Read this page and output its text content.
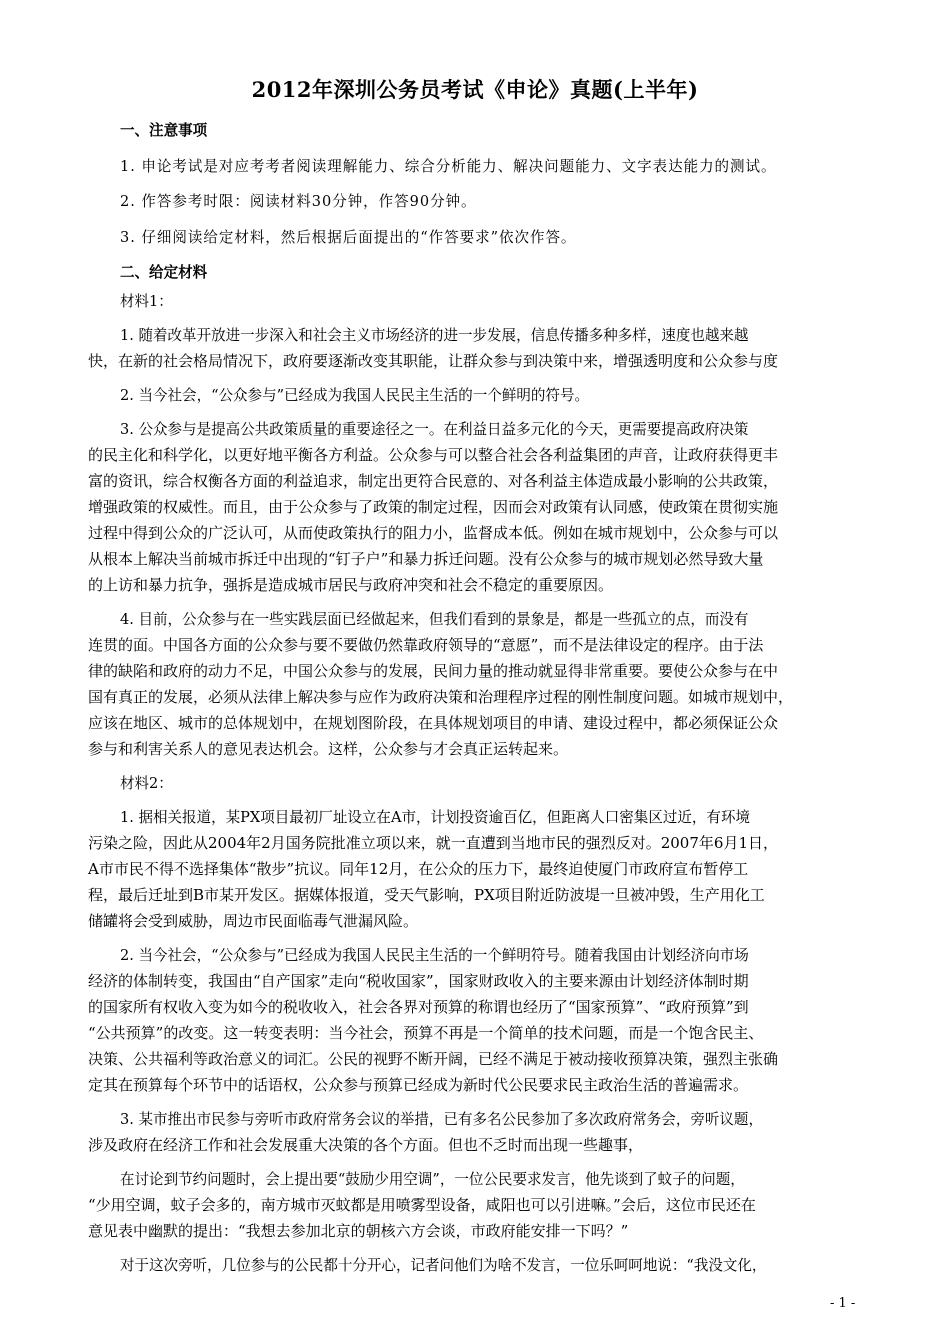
2012年深圳公务员考试《申论》真题(上半年)
一、注意事项
1. 申论考试是对应考考者阅读理解能力、综合分析能力、解决问题能力、文字表达能力的测试。
2. 作答参考时限：阅读材料30分钟，作答90分钟。
3. 仔细阅读给定材料，然后根据后面提出的“作答要求”依次作答。
二、给定材料
材料1：
1. 随着改革开放进一步深入和社会主义市场经济的进一步发展，信息传播多种多样，速度也越来越
快，在新的社会格局情况下，政府要逐渐改变其职能，让群众参与到决策中来，增强透明度和公众参与度
2. 当今社会，“公众参与”已经成为我国人民民主生活的一个鲜明的符号。
3. 公众参与是提高公共政策质量的重要途径之一。在利益日益多元化的今天，更需要提高政府决策
的民主化和科学化，以更好地平衡各方利益。公众参与可以整合社会各利益集团的声音，让政府获得更丰
富的资讯，综合权衡各方面的利益追求，制定出更符合民意的、对各利益主体造成最小影响的公共政策，
增强政策的权威性。而且，由于公众参与了政策的制定过程，因而会对政策有认同感，使政策在贯彻实施
过程中得到公众的广泛认可，从而使政策执行的阻力小，监督成本低。例如在城市规划中，公众参与可以
从根本上解决当前城市拆迁中出现的“钉子户”和暴力拆迁问题。没有公众参与的城市规划必然导致大量
的上访和暴力抗争，强拆是造成城市居民与政府冲突和社会不稳定的重要原因。
4. 目前，公众参与在一些实践层面已经做起来，但我们看到的景象是，都是一些孤立的点，而没有
连贯的面。中国各方面的公众参与要不要做仍然靠政府领导的“意愿”，而不是法律设定的程序。由于法
律的缺陷和政府的动力不足，中国公众参与的发展，民间力量的推动就显得非常重要。要使公众参与在中
国有真正的发展，必须从法律上解决参与应作为政府决策和治理程序过程的刚性制度问题。如城市规划中，
应该在地区、城市的总体规划中，在规划图阶段，在具体规划项目的申请、建设过程中，都必须保证公众
参与和利害关系人的意见表达机会。这样，公众参与才会真正运转起来。
材料2：
1. 据相关报道，某PX项目最初厂址设立在A市，计划投资逾百亿，但距离人口密集区过近，有环境
污染之险，因此从2004年2月国务院批准立项以来，就一直遭到当地市民的强烈反对。2007年6月1日，
A市市民不得不选择集体“散步”抗议。同年12月，在公众的压力下，最终迫使厦门市政府宣布暂停工
程，最后迁址到B市某开发区。据媒体报道，受天气影响，PX项目附近防波堤一旦被冲毁，生产用化工
储罐将会受到威胁，周边市民面临毒气泄漏风险。
2. 当今社会，“公众参与”已经成为我国人民民主生活的一个鲜明符号。随着我国由计划经济向市场
经济的体制转变，我国由“自产国家”走向“税收国家”，国家财政收入的主要来源由计划经济体制时期
的国家所有权收入变为如今的税收收入，社会各界对预算的称谓也经历了“国家预算”、“政府预算”到
“公共预算”的改变。这一转变表明：当今社会，预算不再是一个简单的技术问题，而是一个饱含民主、
决策、公共福利等政治意义的词汇。公民的视野不断开阔，已经不满足于被动接收预算决策，强烈主张确
定其在预算每个环节中的话语权，公众参与预算已经成为新时代公民要求民主政治生活的普遍需求。
3. 某市推出市民参与旁听市政府常务会议的举措，已有多名公民参加了多次政府常务会，旁听议题，
涉及政府在经济工作和社会发展重大决策的各个方面。但也不乏时而出现一些趣事，
在讨论到节约问题时，会上提出要“鼓励少用空调”，一位公民要求发言，他先谈到了蚊子的问题，
“少用空调，蚊子会多的，南方城市灭蚊都是用喷雾型设备，咸阳也可以引进嘛。”会后，这位市民还在
意见表中幽默的提出：“我想去参加北京的朝核六方会谈，市政府能安排一下吗？”
对于这次旁听，几位参与的公民都十分开心，记者问他们为啥不发言，一位乐呵呵地说：“我没文化，
- 1 -
